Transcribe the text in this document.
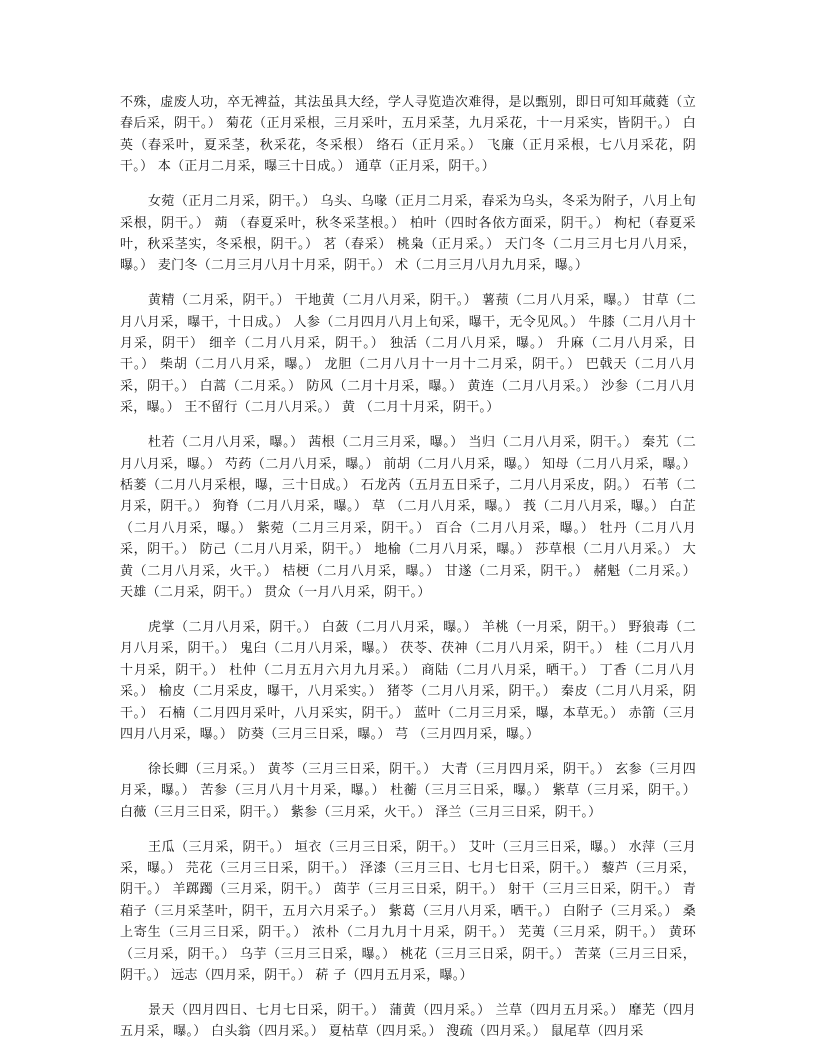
不殊，虚废人功，卒无裨益，其法虽具大经，学人寻览造次难得，是以甄别，即日可知耳蒇蕤（立春后采，阴干。） 菊花（正月采根，三月采叶，五月采茎，九月采花，十一月采实，皆阴干。） 白英（春采叶，夏采茎，秋采花，冬采根） 络石（正月采。） 飞廉（正月采根，七八月采花，阴干。） 本（正月二月采，曝三十日成。） 通草（正月采，阴干。）

女菀（正月二月采，阴干。） 乌头、乌喙（正月二月采，春采为乌头，冬采为附子，八月上旬采根，阴干。） 蒴 （春夏采叶，秋冬采茎根。） 柏叶（四时各依方面采，阴干。） 枸杞（春夏采叶，秋采茎实，冬采根，阴干。） 茗（春采） 桃枭（正月采。） 天门冬（二月三月七月八月采，曝。） 麦门冬（二月三月八月十月采，阴干。） 术（二月三月八月九月采，曝。）

黄精（二月采，阴干。） 干地黄（二月八月采，阴干。） 薯蓣（二月八月采，曝。） 甘草（二月八月采，曝干，十日成。） 人参（二月四月八月上旬采，曝干，无令见风。） 牛膝（二月八月十月采，阴干） 细辛（二月八月采，阴干。） 独活（二月八月采，曝。） 升麻（二月八月采，日干。） 柴胡（二月八月采，曝。） 龙胆（二月八月十一月十二月采，阴干。） 巴戟天（二月八月采，阴干。） 白蒿（二月采。） 防风（二月十月采，曝。） 黄连（二月八月采。） 沙参（二月八月采，曝。） 王不留行（二月八月采。） 黄 （二月十月采，阴干。）

杜若（二月八月采，曝。） 茜根（二月三月采，曝。） 当归（二月八月采，阴干。） 秦艽（二月八月采，曝。） 芍药（二月八月采，曝。） 前胡（二月八月采，曝。） 知母（二月八月采，曝。） 栝蒌（二月八月采根，曝，三十日成。） 石龙芮（五月五日采子，二月八月采皮，阴。） 石苇（二月采，阴干。） 狗脊（二月八月采，曝。） 草 （二月八月采，曝。） 莪（二月八月采，曝。） 白芷（二月八月采，曝。） 紫菀（二月三月采，阴干。） 百合（二月八月采，曝。） 牡丹（二月八月采，阴干。） 防己（二月八月采，阴干。） 地榆（二月八月采，曝。） 莎草根（二月八月采。） 大黄（二月八月采，火干。） 桔梗（二月八月采，曝。） 甘遂（二月采，阴干。） 赭魁（二月采。） 天雄（二月采，阴干。） 贯众（一月八月采，阴干。）

虎掌（二月八月采，阴干。） 白蔹（二月八月采，曝。） 羊桃（一月采，阴干。） 野狼毒（二月八月采，阴干。） 鬼臼（二月八月采，曝。） 茯苓、茯神（二月八月采，阴干。） 桂（二月八月十月采，阴干。） 杜仲（二月五月六月九月采。） 商陆（二月八月采，晒干。） 丁香（二月八月采。） 榆皮（二月采皮，曝干，八月采实。） 猪苓（二月八月采，阴干。） 秦皮（二月八月采，阴干。） 石楠（二月四月采叶，八月采实，阴干。） 蓝叶（二月三月采，曝，本草无。） 赤箭（三月四月八月采，曝。） 防葵（三月三日采，曝。） 芎 （三月四月采，曝。）

徐长卿（三月采。） 黄芩（三月三日采，阴干。） 大青（三月四月采，阴干。） 玄参（三月四月采，曝。） 苦参（三月八月十月采，曝。） 杜蘅（三月三日采，曝。） 紫草（三月采，阴干。） 白薇（三月三日采，阴干。） 紫参（三月采，火干。） 泽兰（三月三日采，阴干。）

王瓜（三月采，阴干。） 垣衣（三月三日采，阴干。） 艾叶（三月三日采，曝。） 水萍（三月采，曝。） 芫花（三月三日采，阴干。） 泽漆（三月三日、七月七日采，阴干。） 藜芦（三月采，阴干。） 羊踯躅（三月采，阴干。） 茵芋（三月三日采，阴干。） 射干（三月三日采，阴干。） 青葙子（三月采茎叶，阴干，五月六月采子。） 紫葛（三月八月采，晒干。） 白附子（三月采。） 桑上寄生（三月三日采，阴干。） 浓朴（二月九月十月采，阴干。） 芜荑（三月采，阴干。） 黄环（三月采，阴干。） 乌芋（三月三日采，曝。） 桃花（三月三日采，阴干。） 苦菜（三月三日采，阴干。） 远志（四月采，阴干。） 菥 子（四月五月采，曝。）

景天（四月四日、七月七日采，阴干。） 蒲黄（四月采。） 兰草（四月五月采。） 靡芜（四月五月采，曝。） 白头翁（四月采。） 夏枯草（四月采。） 溲疏（四月采。） 鼠尾草（四月采
